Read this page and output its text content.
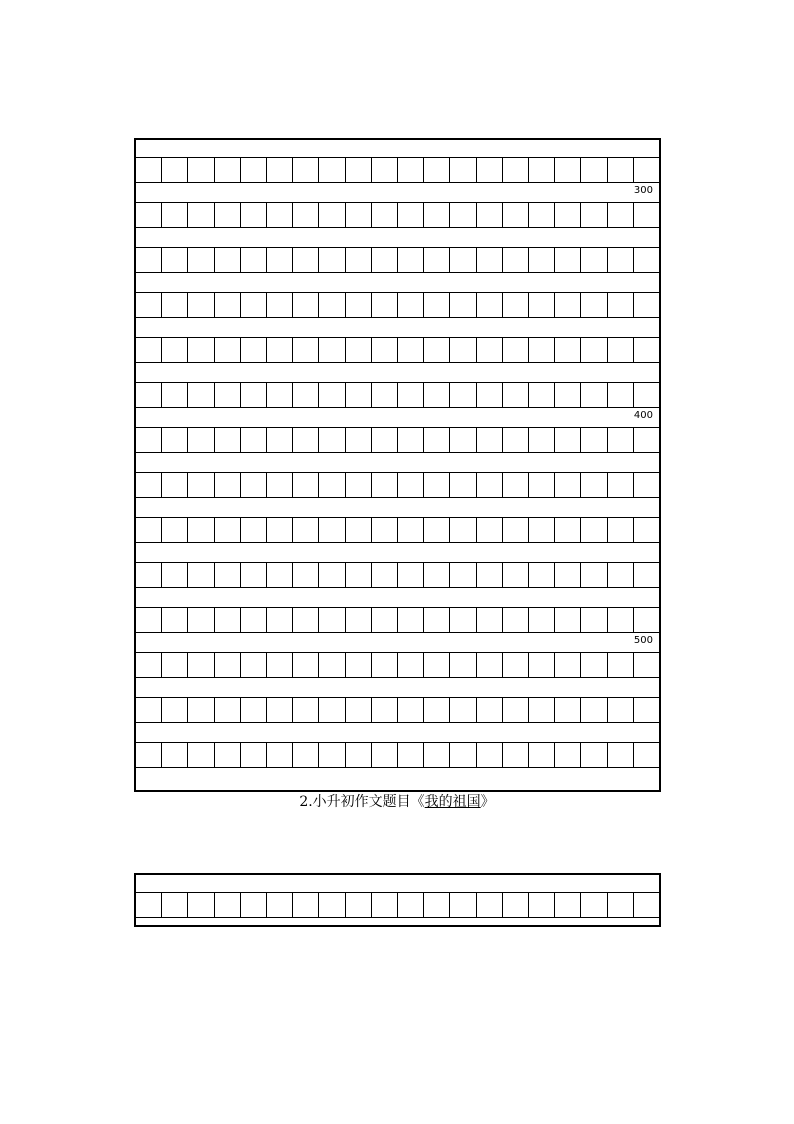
300
400
500
2.小升初作文题目《我的祖国》
